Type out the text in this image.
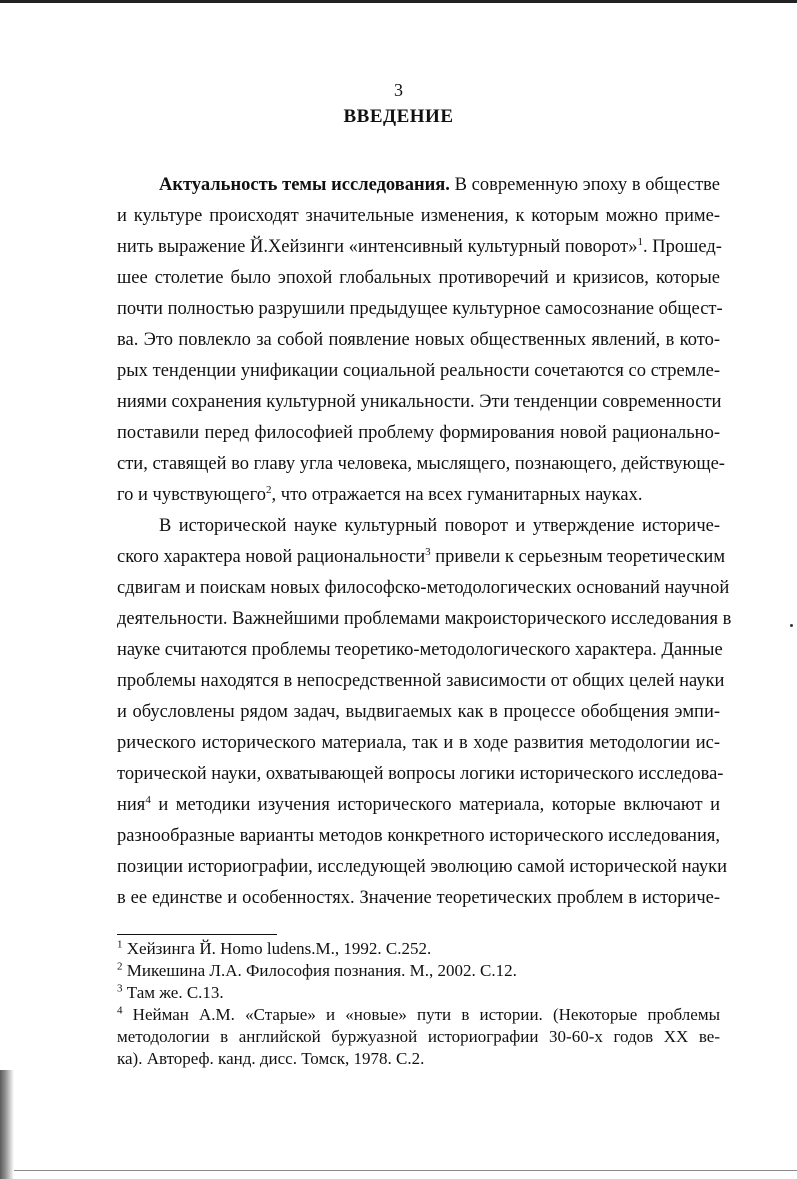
3
ВВЕДЕНИЕ
Актуальность темы исследования. В современную эпоху в обществе
и культуре происходят значительные изменения, к которым можно приме-
нить выражение Й.Хейзинги «интенсивный культурный поворот»$^1$. Прошед-
шее столетие было эпохой глобальных противоречий и кризисов, которые
почти полностью разрушили предыдущее культурное самосознание общест-
ва. Это повлекло за собой появление новых общественных явлений, в кото-
рых тенденции унификации социальной реальности сочетаются со стремле-
ниями сохранения культурной уникальности. Эти тенденции современности
поставили перед философией проблему формирования новой рационально-
сти, ставящей во главу угла человека, мыслящего, познающего, действующе-
го и чувствующего$^2$, что отражается на всех гуманитарных науках.
В исторической науке культурный поворот и утверждение историче-
ского характера новой рациональности$^3$ привели к серьезным теоретическим
сдвигам и поискам новых философско-методологических оснований научной
деятельности. Важнейшими проблемами макроисторического исследования в
науке считаются проблемы теоретико-методологического характера. Данные
проблемы находятся в непосредственной зависимости от общих целей науки
и обусловлены рядом задач, выдвигаемых как в процессе обобщения эмпи-
рического исторического материала, так и в ходе развития методологии ис-
торической науки, охватывающей вопросы логики исторического исследова-
ния$^4$ и методики изучения исторического материала, которые включают и
разнообразные варианты методов конкретного исторического исследования,
позиции историографии, исследующей эволюцию самой исторической науки
в ее единстве и особенностях. Значение теоретических проблем в историче-
$^1$ Хейзинга Й. Homo ludens.М., 1992. С.252.
$^2$ Микешина Л.А. Философия познания. М., 2002. С.12.
$^3$ Там же. С.13.
$^4$ Нейман А.М. «Старые» и «новые» пути в истории. (Некоторые проблемы
методологии в английской буржуазной историографии 30-60-х годов XX ве-
ка). Автореф. канд. дисс. Томск, 1978. С.2.
